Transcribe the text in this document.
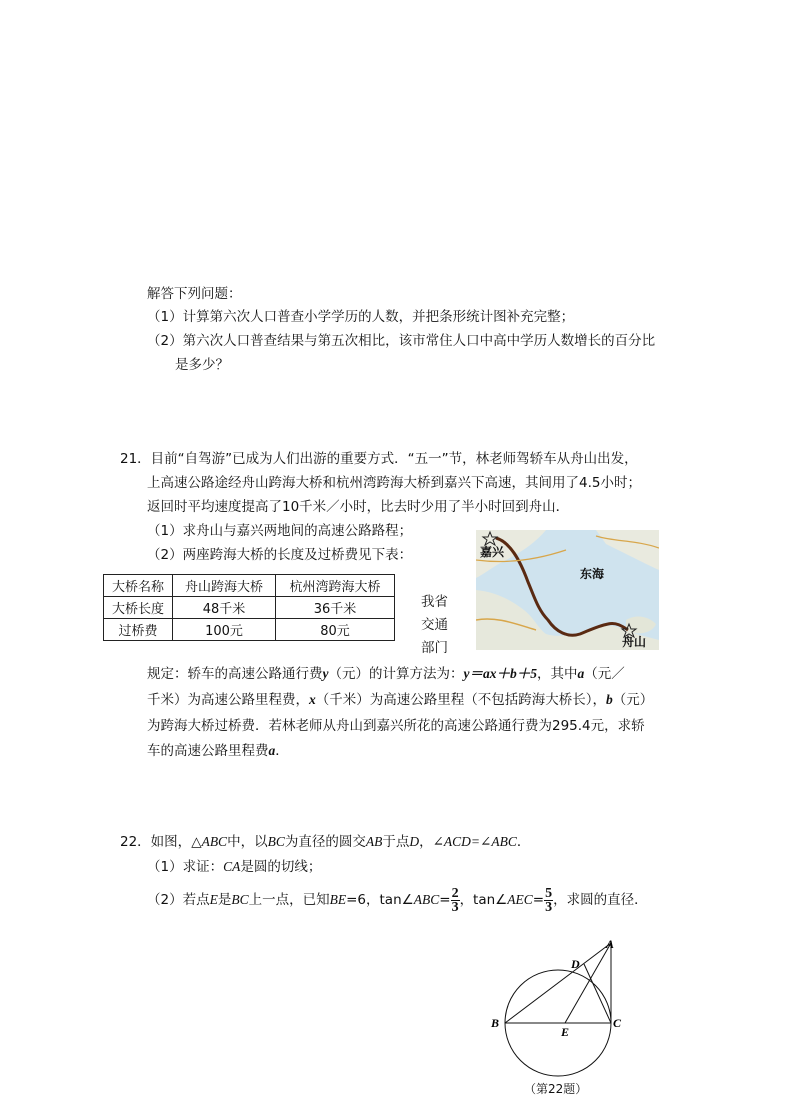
解答下列问题：
（1）计算第六次人口普查小学学历的人数，并把条形统计图补充完整；
（2）第六次人口普查结果与第五次相比，该市常住人口中高中学历人数增长的百分比
是多少？
21．目前“自驾游”已成为人们出游的重要方式．“五一”节，林老师驾轿车从舟山出发，
上高速公路途经舟山跨海大桥和杭州湾跨海大桥到嘉兴下高速，其间用了4.5小时；
返回时平均速度提高了10千米／小时，比去时少用了半小时回到舟山．
（1）求舟山与嘉兴两地间的高速公路路程；
（2）两座跨海大桥的长度及过桥费见下表：
大桥名称	舟山跨海大桥	杭州湾跨海大桥
大桥长度	48千米	36千米
过桥费	100元	80元
我省
交通
部门
嘉兴
东海
舟山
规定：轿车的高速公路通行费y（元）的计算方法为：y＝ax＋b＋5，其中a（元／
千米）为高速公路里程费，x（千米）为高速公路里程（不包括跨海大桥长），b（元）
为跨海大桥过桥费．若林老师从舟山到嘉兴所花的高速公路通行费为295.4元，求轿
车的高速公路里程费a．
22．如图，△ABC中，以BC为直径的圆交AB于点D，∠ACD=∠ABC．
（1）求证：CA是圆的切线；
（2）若点E是BC上一点，已知BE=6，tan∠ABC= $\frac{2}{3}$ ，tan∠AEC= $\frac{5}{3}$ ，求圆的直径．
A
B	C
D
E
（第22题）
